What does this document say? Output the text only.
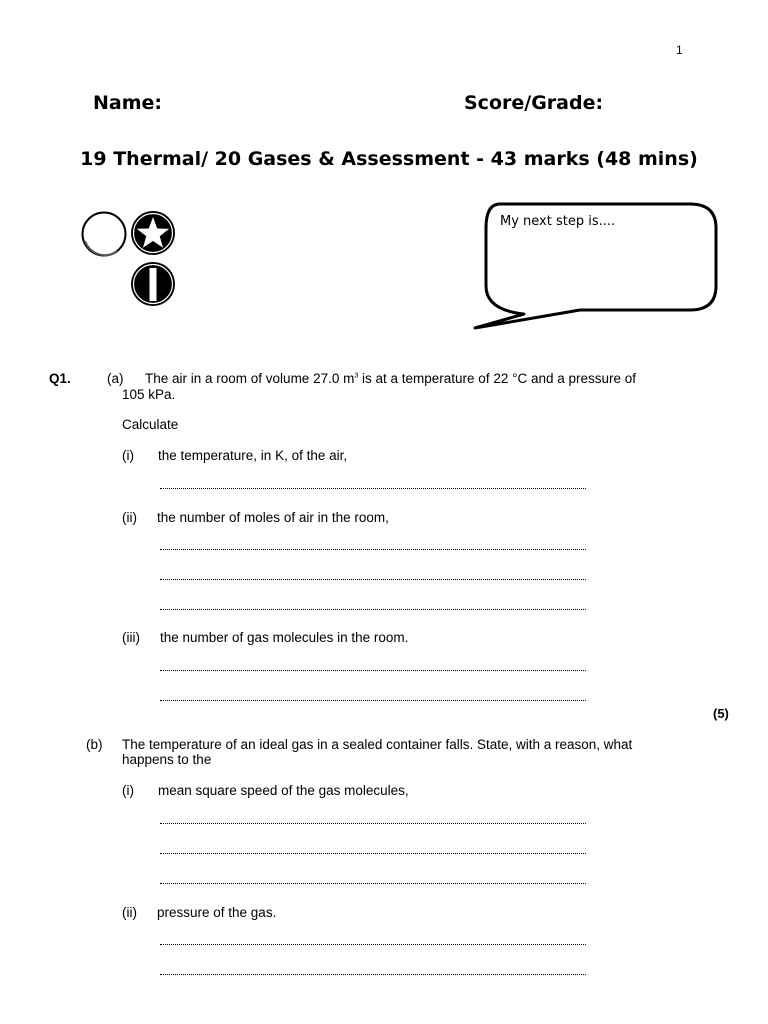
1
Name:	Score/Grade:
19 Thermal/ 20 Gases & Assessment - 43 marks (48 mins)
My next step is....
Q1.	(a) The air in a room of volume 27.0 $m^3$ is at a temperature of 22 °C and a pressure of
105 kPa.
Calculate
(i) the temperature, in K, of the air,
(ii) the number of moles of air in the room,
(iii) the number of gas molecules in the room.
(5)
(b) The temperature of an ideal gas in a sealed container falls. State, with a reason, what
happens to the
(i) mean square speed of the gas molecules,
(ii) pressure of the gas.
